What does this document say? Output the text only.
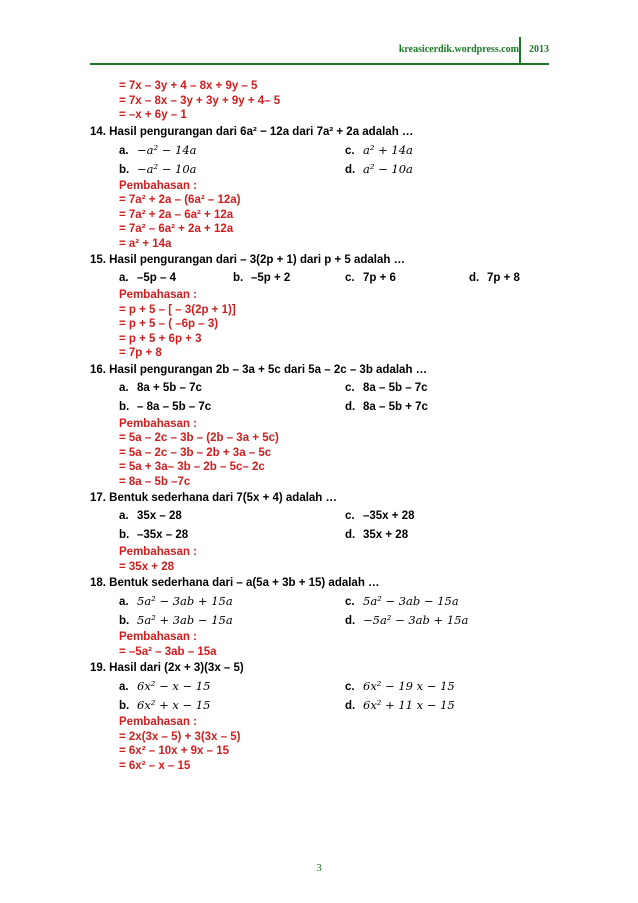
kreasicerdik.wordpress.com 2013
= 7x – 3y + 4 – 8x + 9y – 5
= 7x – 8x – 3y + 3y + 9y + 4– 5
= –x + 6y – 1
14. Hasil pengurangan dari 6a² − 12a dari 7a² + 2a adalah …
a. −a² − 14a	c. a² + 14a
b. −a² − 10a	d. a² − 10a
Pembahasan :
= 7a² + 2a – (6a² – 12a)
= 7a² + 2a – 6a² + 12a
= 7a² – 6a² + 2a + 12a
= a² + 14a
15. Hasil pengurangan dari – 3(2p + 1) dari p + 5 adalah …
a. –5p – 4	b. –5p + 2	c. 7p + 6	d. 7p + 8
Pembahasan :
= p + 5 – [ – 3(2p + 1)]
= p + 5 – ( –6p – 3)
= p + 5 + 6p + 3
= 7p + 8
16. Hasil pengurangan 2b – 3a + 5c dari 5a – 2c – 3b adalah …
a. 8a + 5b – 7c	c. 8a – 5b – 7c
b. – 8a – 5b – 7c	d. 8a – 5b + 7c
Pembahasan :
= 5a – 2c – 3b – (2b – 3a + 5c)
= 5a – 2c – 3b – 2b + 3a – 5c
= 5a + 3a– 3b – 2b – 5c– 2c
= 8a – 5b –7c
17. Bentuk sederhana dari 7(5x + 4) adalah …
a. 35x – 28	c. –35x + 28
b. –35x – 28	d. 35x + 28
Pembahasan :
= 35x + 28
18. Bentuk sederhana dari – a(5a + 3b + 15) adalah …
a. 5a² − 3ab + 15a	c. 5a² − 3ab − 15a
b. 5a² + 3ab − 15a	d. −5a² − 3ab + 15a
Pembahasan :
= –5a² – 3ab – 15a
19. Hasil dari (2x + 3)(3x – 5)
a. 6x² − x − 15	c. 6x² − 19 x − 15
b. 6x² + x − 15	d. 6x² + 11 x − 15
Pembahasan :
= 2x(3x – 5) + 3(3x – 5)
= 6x² – 10x + 9x – 15
= 6x² – x – 15
3
